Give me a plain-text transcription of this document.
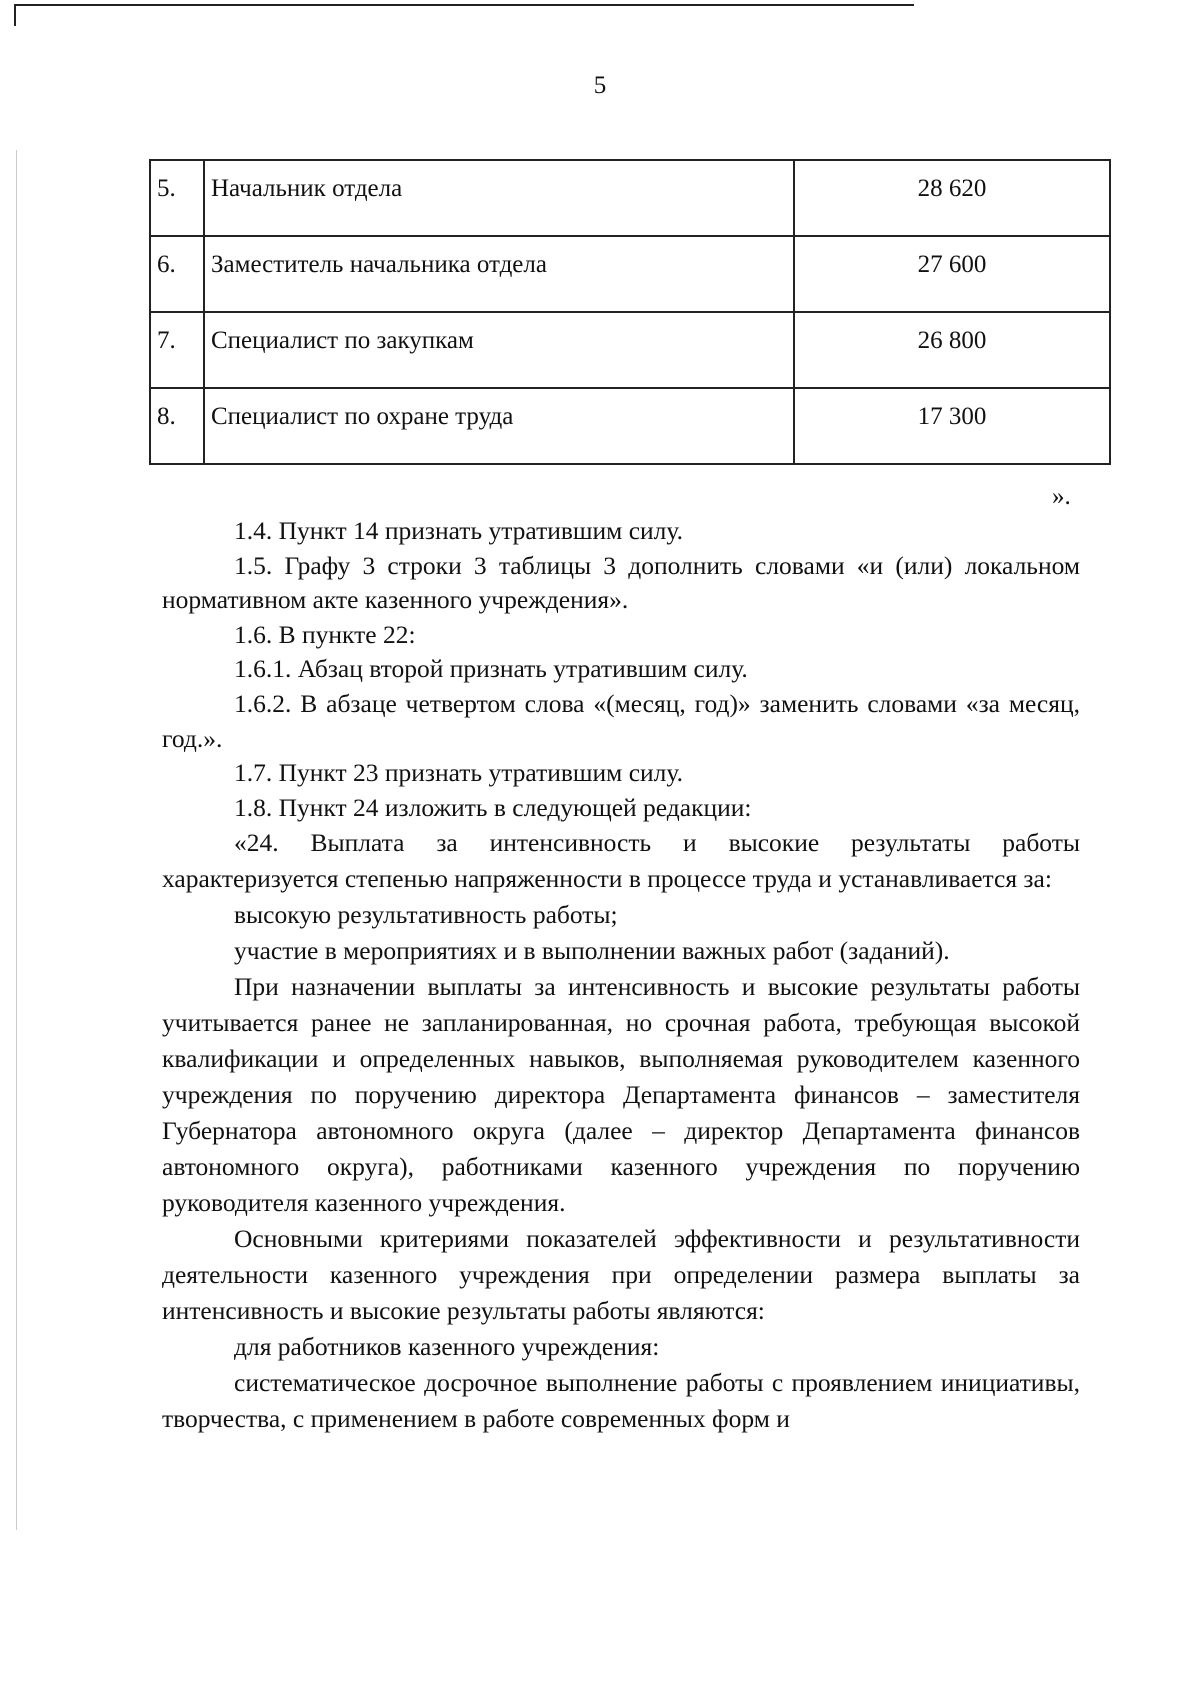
5
5.	Начальник отдела	28 620
6.	Заместитель начальника отдела	27 600
7.	Специалист по закупкам	26 800
8.	Специалист по охране труда	17 300
».

1.4. Пункт 14 признать утратившим силу.

1.5. Графу 3 строки 3 таблицы 3 дополнить словами «и (или) локальном нормативном акте казенного учреждения».

1.6. В пункте 22:

1.6.1. Абзац второй признать утратившим силу.

1.6.2. В абзаце четвертом слова «(месяц, год)» заменить словами «за месяц, год.».

1.7. Пункт 23 признать утратившим силу.

1.8. Пункт 24 изложить в следующей редакции:

«24. Выплата за интенсивность и высокие результаты работы характеризуется степенью напряженности в процессе труда и устанавливается за:

высокую результативность работы;

участие в мероприятиях и в выполнении важных работ (заданий).

При назначении выплаты за интенсивность и высокие результаты работы учитывается ранее не запланированная, но срочная работа, требующая высокой квалификации и определенных навыков, выполняемая руководителем казенного учреждения по поручению директора Департамента финансов – заместителя Губернатора автономного округа (далее – директор Департамента финансов автономного округа), работниками казенного учреждения по поручению руководителя казенного учреждения.

Основными критериями показателей эффективности и результативности деятельности казенного учреждения при определении размера выплаты за интенсивность и высокие результаты работы являются:

для работников казенного учреждения:

систематическое досрочное выполнение работы с проявлением инициативы, творчества, с применением в работе современных форм и
